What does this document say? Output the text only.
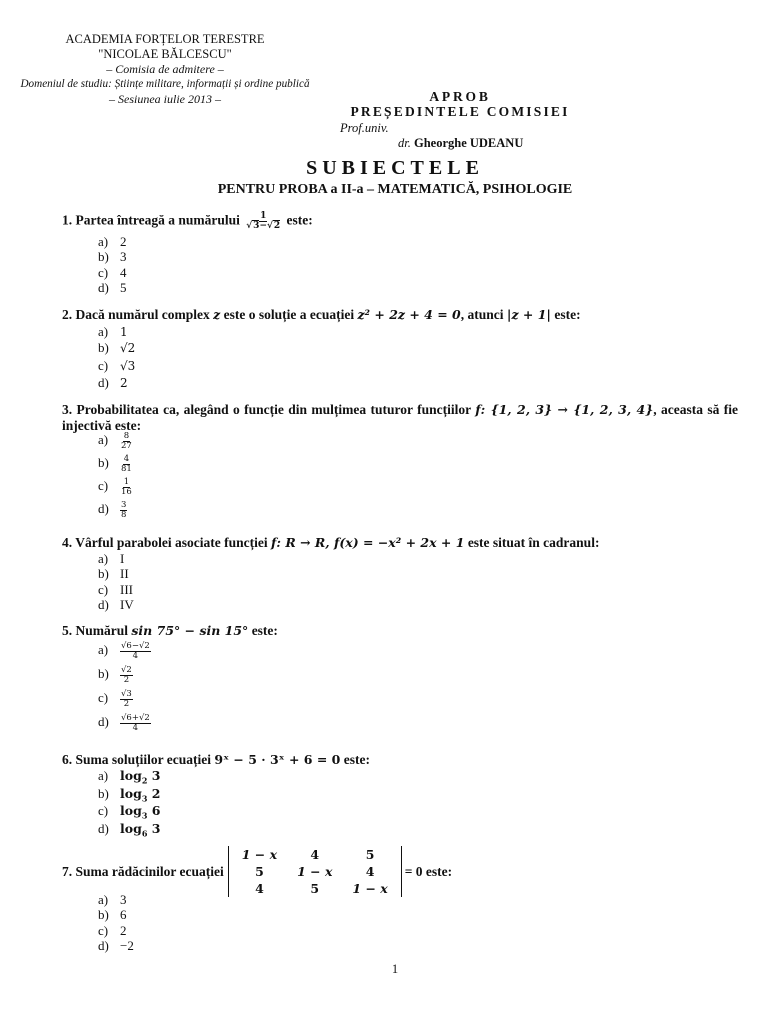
ACADEMIA FORȚELOR TERESTRE
"NICOLAE BĂLCESCU"
– Comisia de admitere –
Domeniul de studiu: Științe militare, informații și ordine publică
– Sesiunea iulie 2013 –	APROB
PREȘEDINTELE COMISIEI
Prof.univ.
dr. Gheorghe UDEANU
SUBIECTELE
PENTRU PROBA a II-a – MATEMATICĂ, PSIHOLOGIE
1. Partea întreagă a numărului $\frac{1}{√3-√2}$ este:
a) 2
b) 3
c) 4
d) 5
2. Dacă numărul complex z este o soluție a ecuației z² + 2z + 4 = 0, atunci |z + 1| este:
a) 1
b) √2
c) √3
d) 2
3. Probabilitatea ca, alegând o funcție din mulțimea tuturor funcțiilor f: {1, 2, 3} → {1, 2, 3, 4}, aceasta să fie injectivă este:
$a) \frac{8}{27}$
$b) \frac{4}{81}$
$c) \frac{1}{16}$
$d) \frac{3}{8}$
4. Vârful parabolei asociate funcției f: R → R, f(x) = −x² + 2x + 1 este situat în cadranul:
a) I
b) II
c) III
d) IV
5. Numărul sin 75° − sin 15° este:
$a) \frac{√6-√2}{4}$
$b) \frac{√2}{2}$
$c) \frac{√3}{2}$
$d) \frac{√6+√2}{4}$
6. Suma soluțiilor ecuației 9ˣ − 5 · 3ˣ + 6 = 0 este:
a) $\log_2 3$
b) $\log_3 2$
c) $\log_3 6$
d) $\log_6 3$
7. Suma rădăcinilor ecuației
1 − x	4	5
5	1 − x	4
4	5	1 − x
= 0 este:
a) 3
b) 6
c) 2
d) −2
1
